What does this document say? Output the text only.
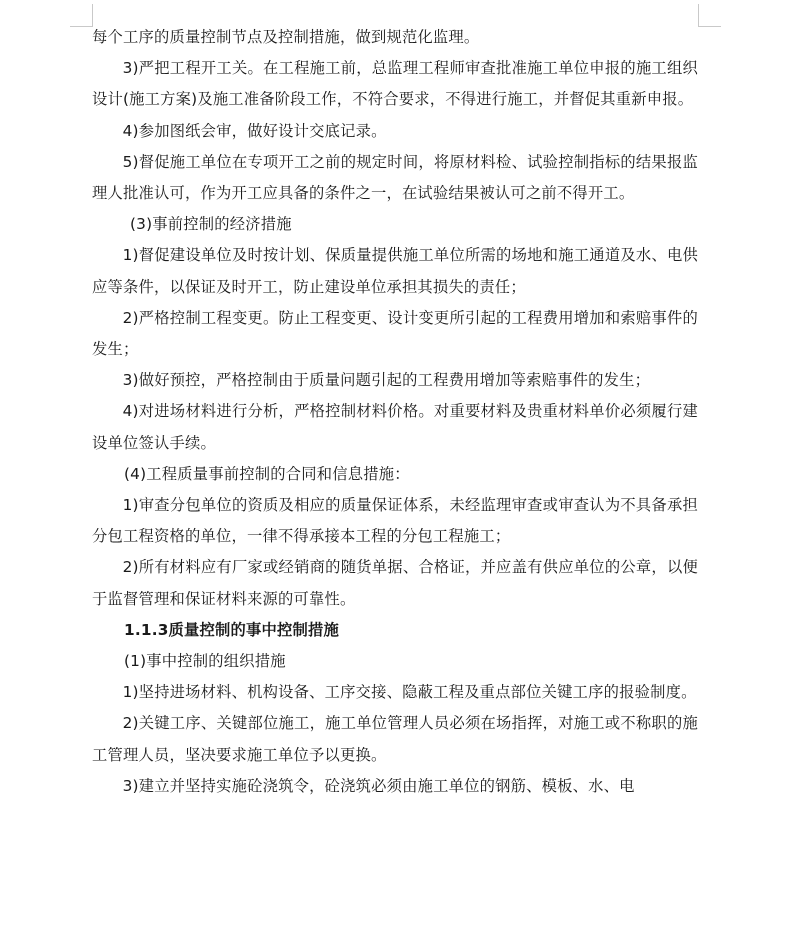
每个工序的质量控制节点及控制措施，做到规范化监理。

3)严把工程开工关。在工程施工前，总监理工程师审查批准施工单位申报的施工组织设计(施工方案)及施工准备阶段工作，不符合要求，不得进行施工，并督促其重新申报。

4)参加图纸会审，做好设计交底记录。

5)督促施工单位在专项开工之前的规定时间，将原材料检、试验控制指标的结果报监理人批准认可，作为开工应具备的条件之一，在试验结果被认可之前不得开工。

(3)事前控制的经济措施

1)督促建设单位及时按计划、保质量提供施工单位所需的场地和施工通道及水、电供应等条件，以保证及时开工，防止建设单位承担其损失的责任；

2)严格控制工程变更。防止工程变更、设计变更所引起的工程费用增加和索赔事件的发生；

3)做好预控，严格控制由于质量问题引起的工程费用增加等索赔事件的发生；

4)对进场材料进行分析，严格控制材料价格。对重要材料及贵重材料单价必须履行建设单位签认手续。

(4)工程质量事前控制的合同和信息措施：

1)审查分包单位的资质及相应的质量保证体系，未经监理审查或审查认为不具备承担分包工程资格的单位，一律不得承接本工程的分包工程施工；

2)所有材料应有厂家或经销商的随货单据、合格证，并应盖有供应单位的公章，以便于监督管理和保证材料来源的可靠性。

1.1.3质量控制的事中控制措施

(1)事中控制的组织措施

1)坚持进场材料、机构设备、工序交接、隐蔽工程及重点部位关键工序的报验制度。

2)关键工序、关键部位施工，施工单位管理人员必须在场指挥，对施工或不称职的施工管理人员，坚决要求施工单位予以更换。

3)建立并坚持实施砼浇筑令，砼浇筑必须由施工单位的钢筋、模板、水、电
